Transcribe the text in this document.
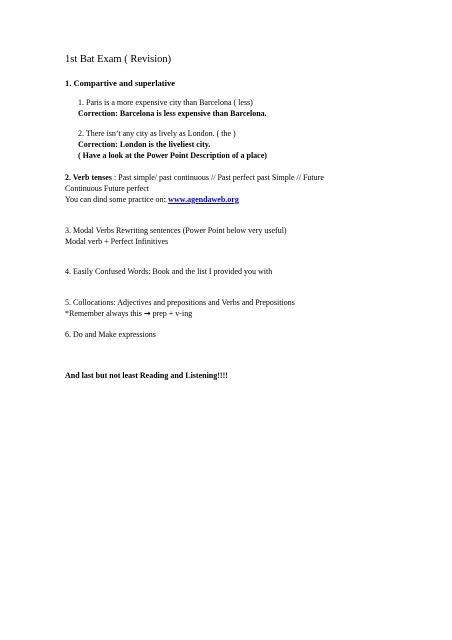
1st Bat Exam ( Revision)
1. Compartive and superlative
1. Paris is a more expensive city than Barcelona ( less)
Correction: Barcelona is less expensive than Barcelona.
2. There isn’t any city as lively as London. ( the )
Correction: London is the liveliest city.
( Have a look at the Power Point Description of a place)
2. Verb tenses : Past simple/ past continuous // Past perfect past Simple // Future
Continuous Future perfect
You can dind some practice on: www.agendaweb.org
3. Modal Verbs Rewriting sentences (Power Point below very useful)
Modal verb + Perfect Infinitives
4. Easily Confused Words: Book and the list I provided you with
5. Collocations: Adjectives and prepositions and Verbs and Prepositions
*Remember always this → prep + v-ing
6. Do and Make expressions
And last but not least Reading and Listening!!!!
